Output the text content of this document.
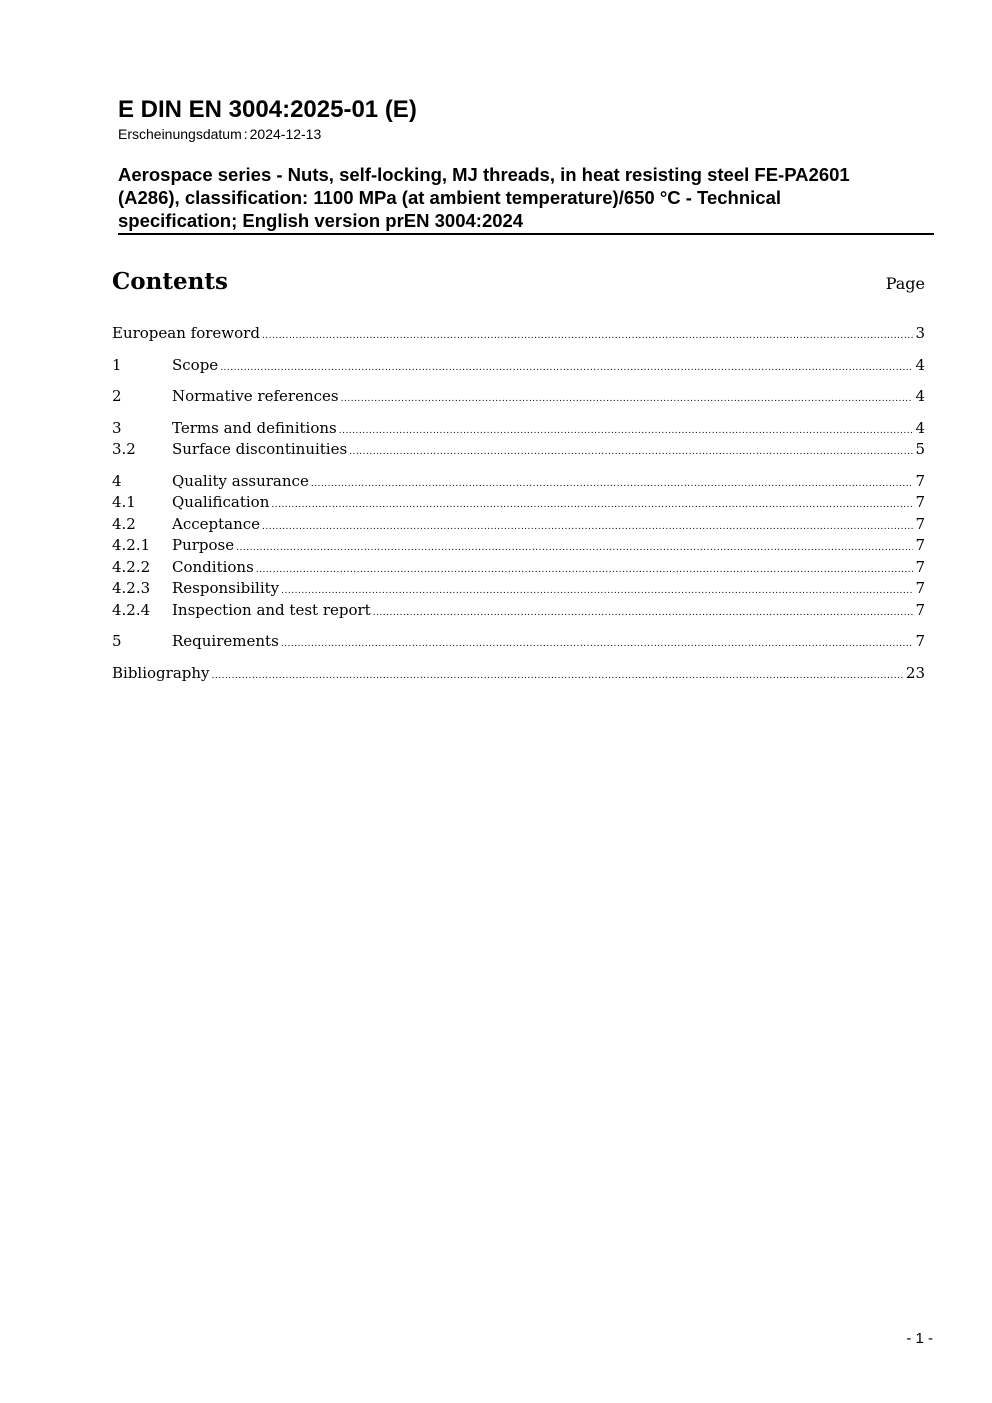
E DIN EN 3004:2025-01 (E)
Erscheinungsdatum : 2024-12-13
Aerospace series - Nuts, self-locking, MJ threads, in heat resisting steel FE-PA2601
(A286), classification: 1100 MPa (at ambient temperature)/650 °C - Technical
specification; English version prEN 3004:2024
Contents	Page
European foreword .....	3
1	Scope .....	4
2	Normative references .....	4
3	Terms and definitions .....	4
3.2	Surface discontinuities .....	5
4	Quality assurance .....	7
4.1	Qualification .....	7
4.2	Acceptance .....	7
4.2.1	Purpose .....	7
4.2.2	Conditions .....	7
4.2.3	Responsibility .....	7
4.2.4	Inspection and test report .....	7
5	Requirements .....	7
Bibliography .....	23
- 1 -
